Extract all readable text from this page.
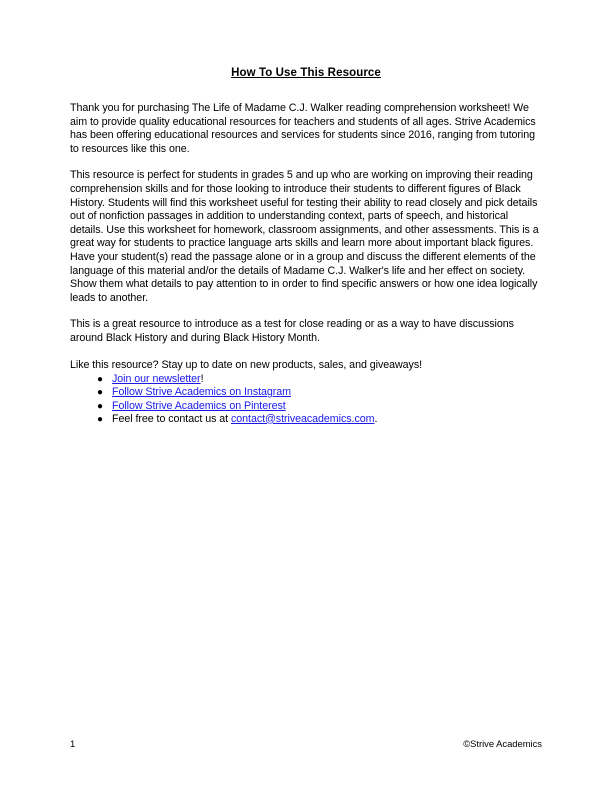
How To Use This Resource

Thank you for purchasing The Life of Madame C.J. Walker reading comprehension worksheet! We aim to provide quality educational resources for teachers and students of all ages. Strive Academics has been offering educational resources and services for students since 2016, ranging from tutoring to resources like this one.

This resource is perfect for students in grades 5 and up who are working on improving their reading comprehension skills and for those looking to introduce their students to different figures of Black History. Students will find this worksheet useful for testing their ability to read closely and pick details out of nonfiction passages in addition to understanding context, parts of speech, and historical details. Use this worksheet for homework, classroom assignments, and other assessments. This is a great way for students to practice language arts skills and learn more about important black figures. Have your student(s) read the passage alone or in a group and discuss the different elements of the language of this material and/or the details of Madame C.J. Walker's life and her effect on society. Show them what details to pay attention to in order to find specific answers or how one idea logically leads to another.

This is a great resource to introduce as a test for close reading or as a way to have discussions around Black History and during Black History Month.

Like this resource? Stay up to date on new products, sales, and giveaways!
● Join our newsletter!
● Follow Strive Academics on Instagram
● Follow Strive Academics on Pinterest
● Feel free to contact us at contact@striveacademics.com.
1	©Strive Academics
